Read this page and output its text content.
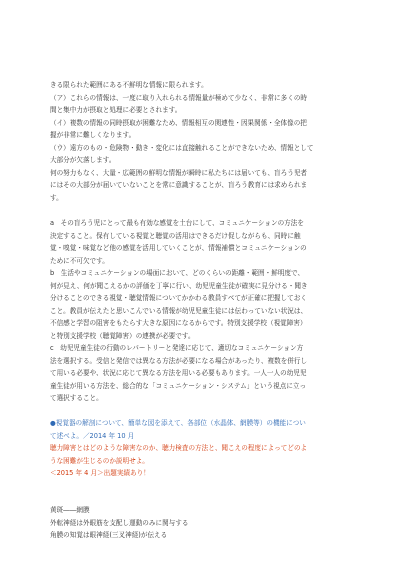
きる限られた範囲にある不鮮明な情報に限られます。
（ア）これらの情報は、一度に取り入れられる情報量が極めて少なく、非常に多くの時
間と集中力が摂取と処理に必要とされます。
（イ）複数の情報の同時摂取が困難なため、情報相互の関連性・因果関係・全体像の把
握が非常に難しくなります。
（ウ）遠方のもの・危険物・動き・変化には直接触れることができないため、情報として
大部分が欠落します。
何の努力もなく、大量・広範囲の鮮明な情報が瞬時に私たちには届いても、盲ろう児者
にはその大部分が届いていないことを常に意識することが、盲ろう教育には求められま
す。
a　その盲ろう児にとって最も有効な感覚を土台にして、コミュニケーションの方法を
決定すること。保有している視覚と聴覚の活用はできるだけ促しながらも、同時に触
覚・嗅覚・味覚など他の感覚を活用していくことが、情報補償とコミュニケーションの
ために不可欠です。
b　生活やコミュニケーションの場面において、どのくらいの距離・範囲・鮮明度で、
何が見え、何が聞こえるかの評価を丁寧に行い、幼児児童生徒が確実に見分ける・聞き
分けることのできる視覚・聴覚情報についてかかわる教員すべてが正確に把握しておく
こと。教員が伝えたと思いこんでいる情報が幼児児童生徒には伝わっていない状況は、
不信感と学習の阻害をもたらす大きな原因になるからです。特別支援学校（視覚障害）
と特別支援学校（聴覚障害）の連携が必要です。
c　幼児児童生徒の行動のレパートリーと発達に応じて、適切なコミュニケーション方
法を選択する。受信と発信では異なる方法が必要になる場合があったり、複数を併行し
て用いる必要や、状況に応じて異なる方法を用いる必要もあります。一人一人の幼児児
童生徒が用いる方法を、総合的な「コミュニケーション・システム」という視点に立っ
て選択すること。
●視覚器の解剖について、簡単な図を添えて、各部位（水晶体、網膜等）の機能につい
て述べよ。／2014 年 10 月
聴力障害とはどのような障害なのか、聴力検査の方法と、聞こえの程度によってどのよ
うな困難が生じるのか説明せよ。
＜2015 年 4 月＞出題実績あり！
黄斑――網膜
外転神経は外眼筋を支配し運動のみに関与する
角膜の知覚は眼神経(三叉神経)が伝える
